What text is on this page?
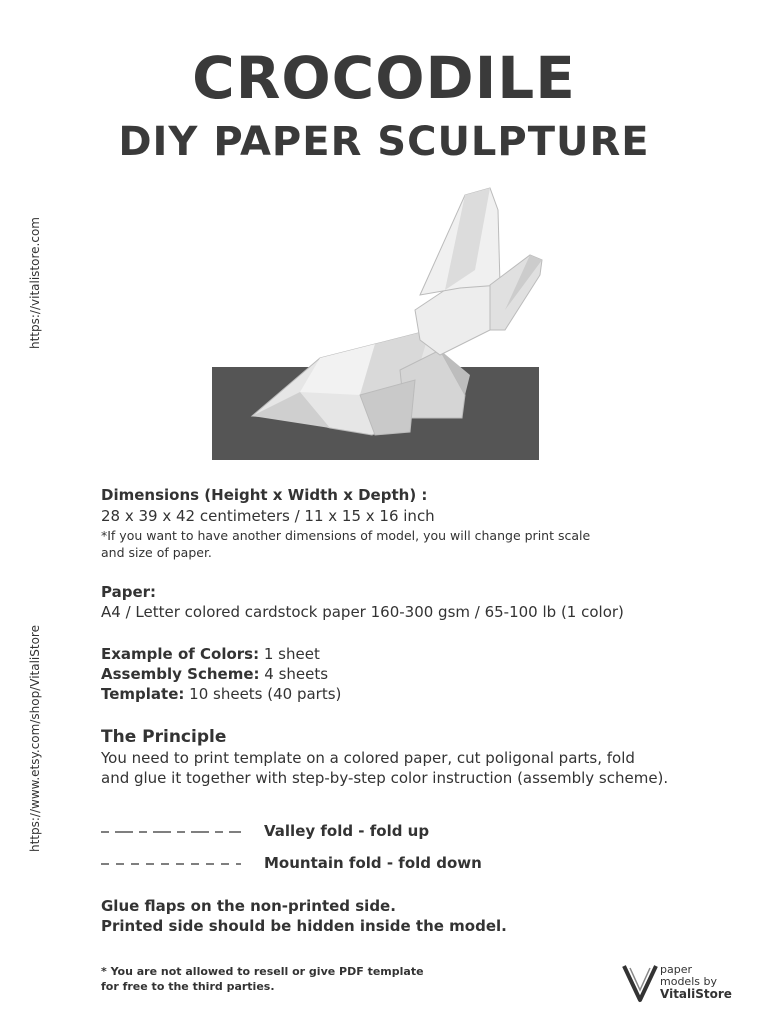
CROCODILE
DIY PAPER SCULPTURE
https://vitalistore.com
https://www.etsy.com/shop/VitaliStore
Dimensions (Height x Width x Depth) :
28 x 39 x 42 centimeters / 11 x 15 x 16 inch
*If you want to have another dimensions of model, you will change print scale
and size of paper.
Paper:
A4 / Letter colored cardstock paper 160-300 gsm / 65-100 lb (1 color)
Example of Colors: 1 sheet
Assembly Scheme: 4 sheets
Template: 10 sheets (40 parts)
The Principle
You need to print template on a colored paper, cut poligonal parts, fold
and glue it together with step-by-step color instruction (assembly scheme).
Valley fold - fold up
Mountain fold - fold down
Glue flaps on the non-printed side.
Printed side should be hidden inside the model.
* You are not allowed to resell or give PDF template
for free to the third parties.
paper
models by
VitaliStore
